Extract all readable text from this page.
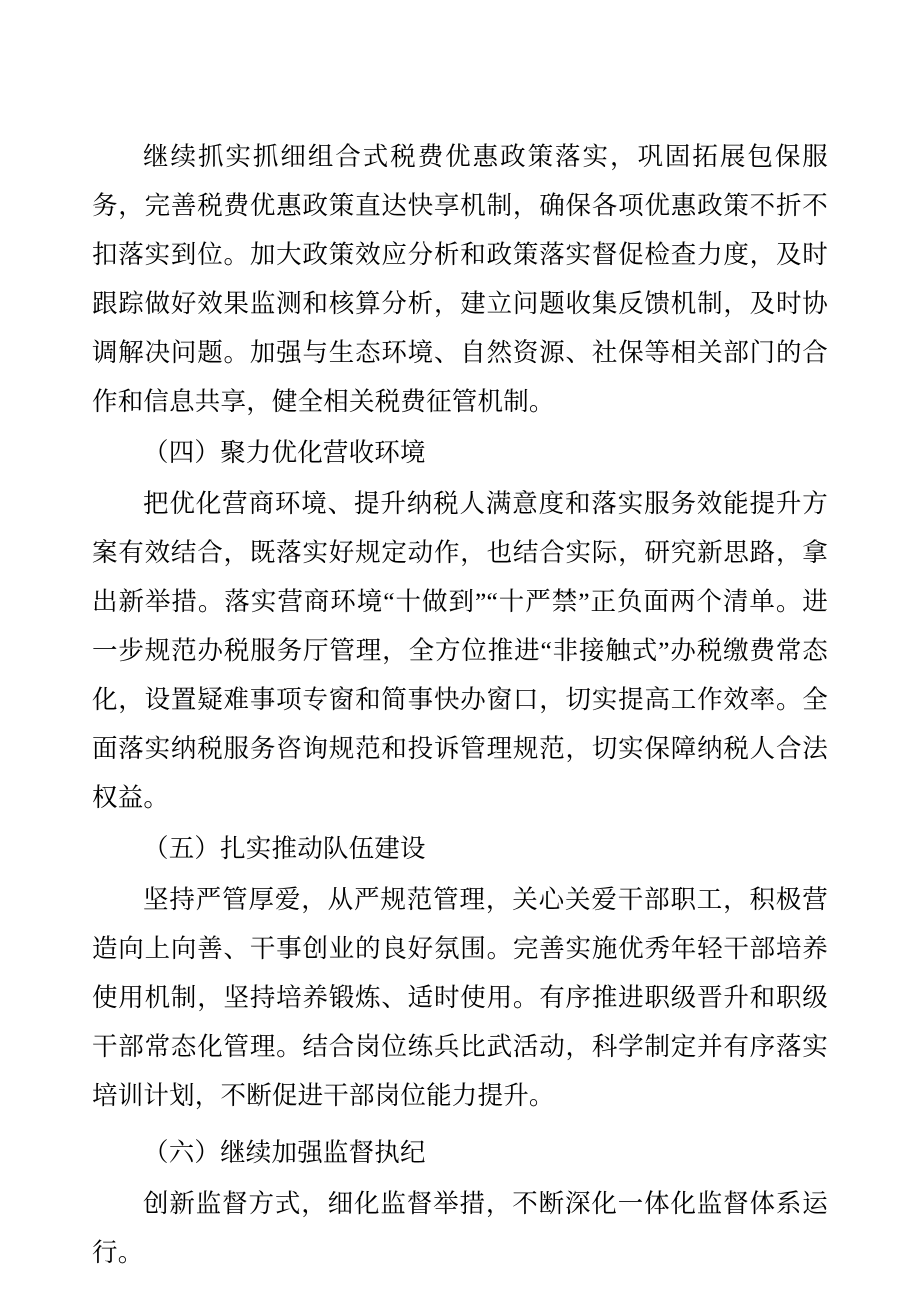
继续抓实抓细组合式税费优惠政策落实，巩固拓展包保服务，完善税费优惠政策直达快享机制，确保各项优惠政策不折不扣落实到位。加大政策效应分析和政策落实督促检查力度，及时跟踪做好效果监测和核算分析，建立问题收集反馈机制，及时协调解决问题。加强与生态环境、自然资源、社保等相关部门的合作和信息共享，健全相关税费征管机制。

（四）聚力优化营收环境

把优化营商环境、提升纳税人满意度和落实服务效能提升方案有效结合，既落实好规定动作，也结合实际，研究新思路，拿出新举措。落实营商环境“十做到”“十严禁”正负面两个清单。进一步规范办税服务厅管理，全方位推进“非接触式”办税缴费常态化，设置疑难事项专窗和简事快办窗口，切实提高工作效率。全面落实纳税服务咨询规范和投诉管理规范，切实保障纳税人合法权益。

（五）扎实推动队伍建设

坚持严管厚爱，从严规范管理，关心关爱干部职工，积极营造向上向善、干事创业的良好氛围。完善实施优秀年轻干部培养使用机制，坚持培养锻炼、适时使用。有序推进职级晋升和职级干部常态化管理。结合岗位练兵比武活动，科学制定并有序落实培训计划，不断促进干部岗位能力提升。

（六）继续加强监督执纪

创新监督方式，细化监督举措，不断深化一体化监督体系运行。
